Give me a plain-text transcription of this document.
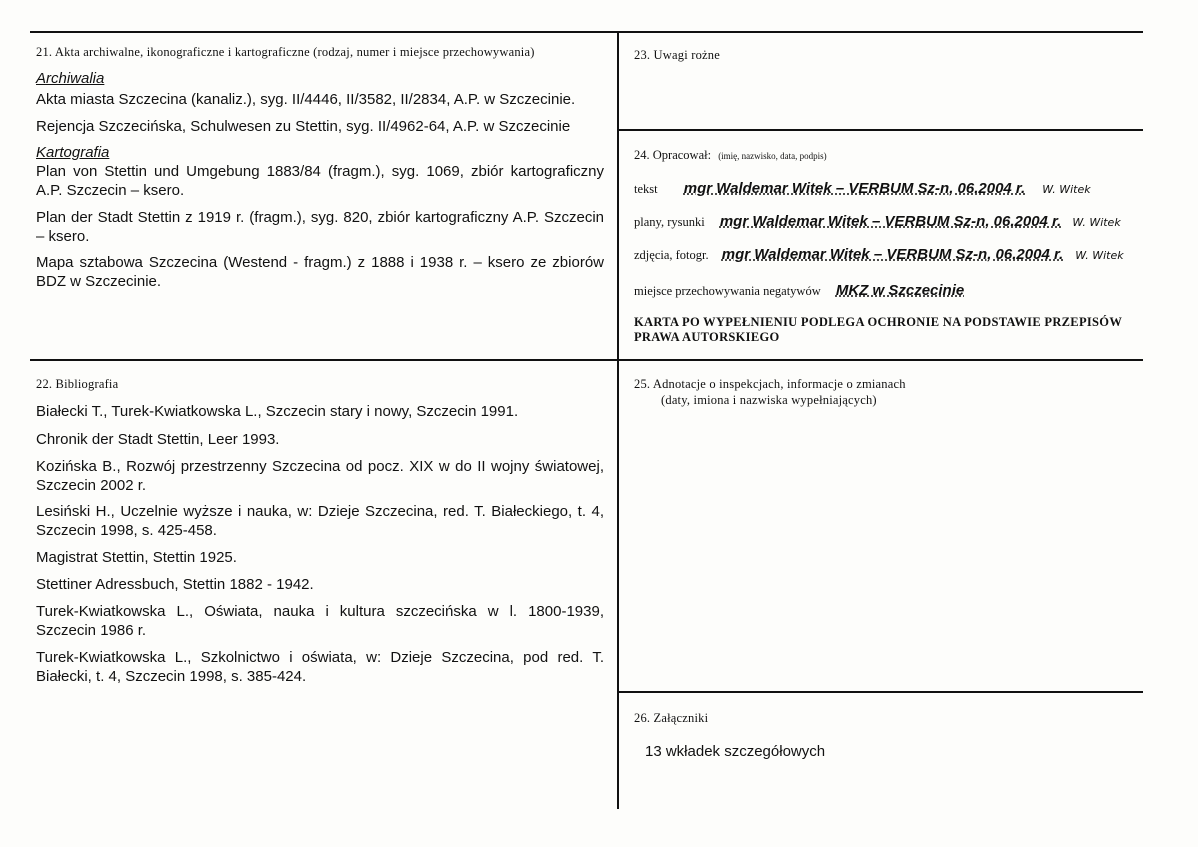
21. Akta archiwalne, ikonograficzne i kartograficzne (rodzaj, numer i miejsce przechowywania)
Archiwalia
Akta miasta Szczecina (kanaliz.), syg. II/4446, II/3582, II/2834, A.P. w Szczecinie.
Rejencja Szczecińska, Schulwesen zu Stettin, syg. II/4962-64, A.P. w Szczecinie
Kartografia
Plan von Stettin und Umgebung 1883/84 (fragm.), syg. 1069, zbiór kartograficzny A.P. Szczecin – ksero.
Plan der Stadt Stettin z 1919 r. (fragm.), syg. 820, zbiór kartograficzny A.P. Szczecin – ksero.
Mapa sztabowa Szczecina (Westend - fragm.) z 1888 i 1938 r. – ksero ze zbiorów BDZ w Szczecinie.
22. Bibliografia
Białecki T., Turek-Kwiatkowska L., Szczecin stary i nowy, Szczecin 1991.
Chronik der Stadt Stettin, Leer 1993.
Kozińska B., Rozwój przestrzenny Szczecina od pocz. XIX w do II wojny światowej, Szczecin 2002 r.
Lesiński H., Uczelnie wyższe i nauka, w: Dzieje Szczecina, red. T. Białeckiego, t. 4, Szczecin 1998, s. 425-458.
Magistrat Stettin, Stettin 1925.
Stettiner Adressbuch, Stettin 1882 - 1942.
Turek-Kwiatkowska L., Oświata, nauka i kultura szczecińska w l. 1800-1939, Szczecin 1986 r.
Turek-Kwiatkowska L., Szkolnictwo i oświata, w: Dzieje Szczecina, pod red. T. Białecki, t. 4, Szczecin 1998, s. 385-424.
23. Uwagi rożne
24. Opracował: (imię, nazwisko, data, podpis)
tekst mgr Waldemar Witek – VERBUM Sz-n, 06.2004 r. W. Witek
plany, rysunki mgr Waldemar Witek – VERBUM Sz-n, 06.2004 r. W. Witek
zdjęcia, fotogr. mgr Waldemar Witek – VERBUM Sz-n, 06.2004 r. W. Witek
miejsce przechowywania negatywów MKZ w Szczecinie
KARTA PO WYPEŁNIENIU PODLEGA OCHRONIE NA PODSTAWIE PRZEPISÓW
PRAWA AUTORSKIEGO
25. Adnotacje o inspekcjach, informacje o zmianach
(daty, imiona i nazwiska wypełniających)
26. Załączniki
13 wkładek szczegółowych
